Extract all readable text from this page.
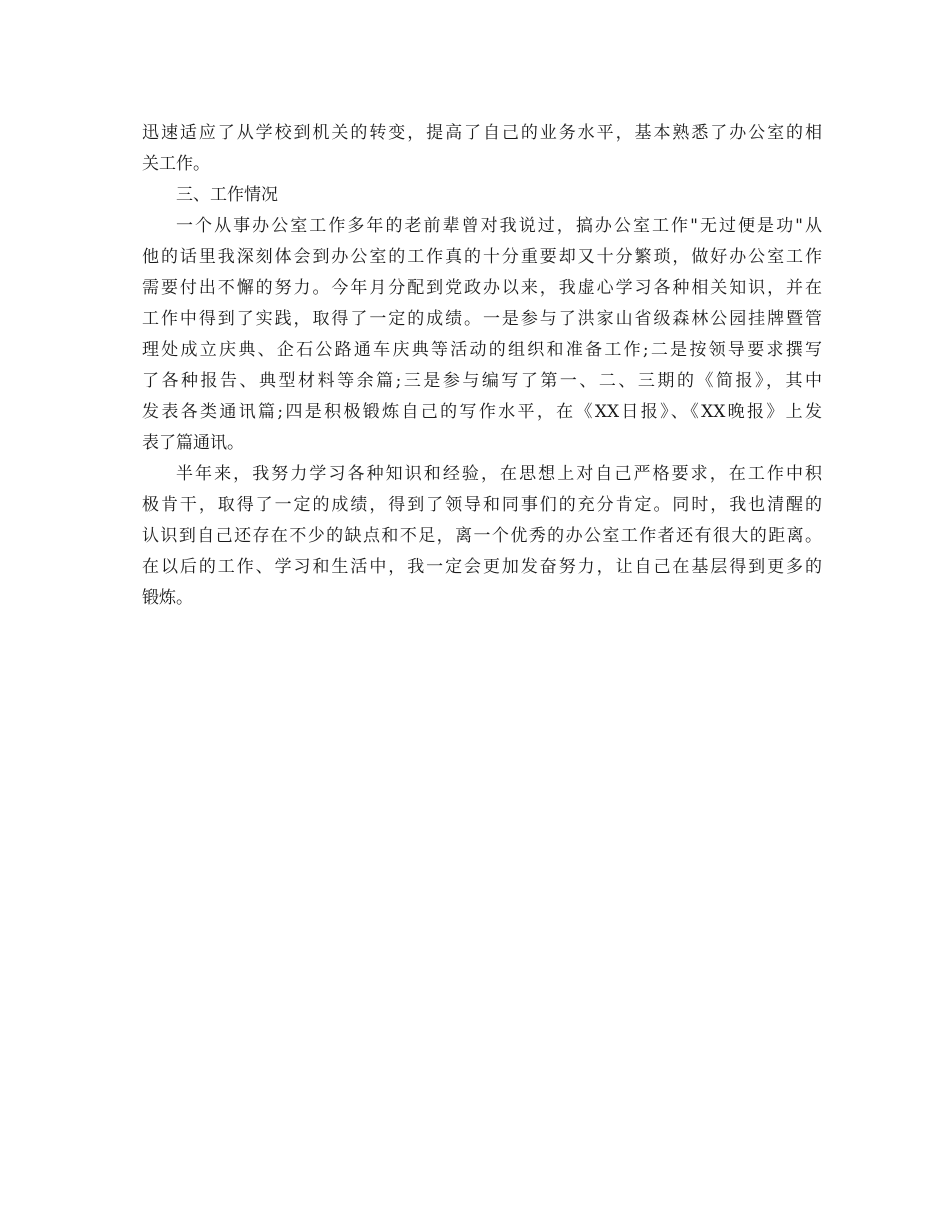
迅速适应了从学校到机关的转变，提高了自己的业务水平，基本熟悉了办公室的相
关工作。
三、工作情况
一个从事办公室工作多年的老前辈曾对我说过，搞办公室工作"无过便是功"从
他的话里我深刻体会到办公室的工作真的十分重要却又十分繁琐，做好办公室工作
需要付出不懈的努力。今年月分配到党政办以来，我虚心学习各种相关知识，并在
工作中得到了实践，取得了一定的成绩。一是参与了洪家山省级森林公园挂牌暨管
理处成立庆典、企石公路通车庆典等活动的组织和准备工作;二是按领导要求撰写
了各种报告、典型材料等余篇;三是参与编写了第一、二、三期的《简报》，其中
发表各类通讯篇;四是积极锻炼自己的写作水平，在《XX日报》、《XX晚报》上发
表了篇通讯。
半年来，我努力学习各种知识和经验，在思想上对自己严格要求，在工作中积
极肯干，取得了一定的成绩，得到了领导和同事们的充分肯定。同时，我也清醒的
认识到自己还存在不少的缺点和不足，离一个优秀的办公室工作者还有很大的距离。
在以后的工作、学习和生活中，我一定会更加发奋努力，让自己在基层得到更多的
锻炼。
